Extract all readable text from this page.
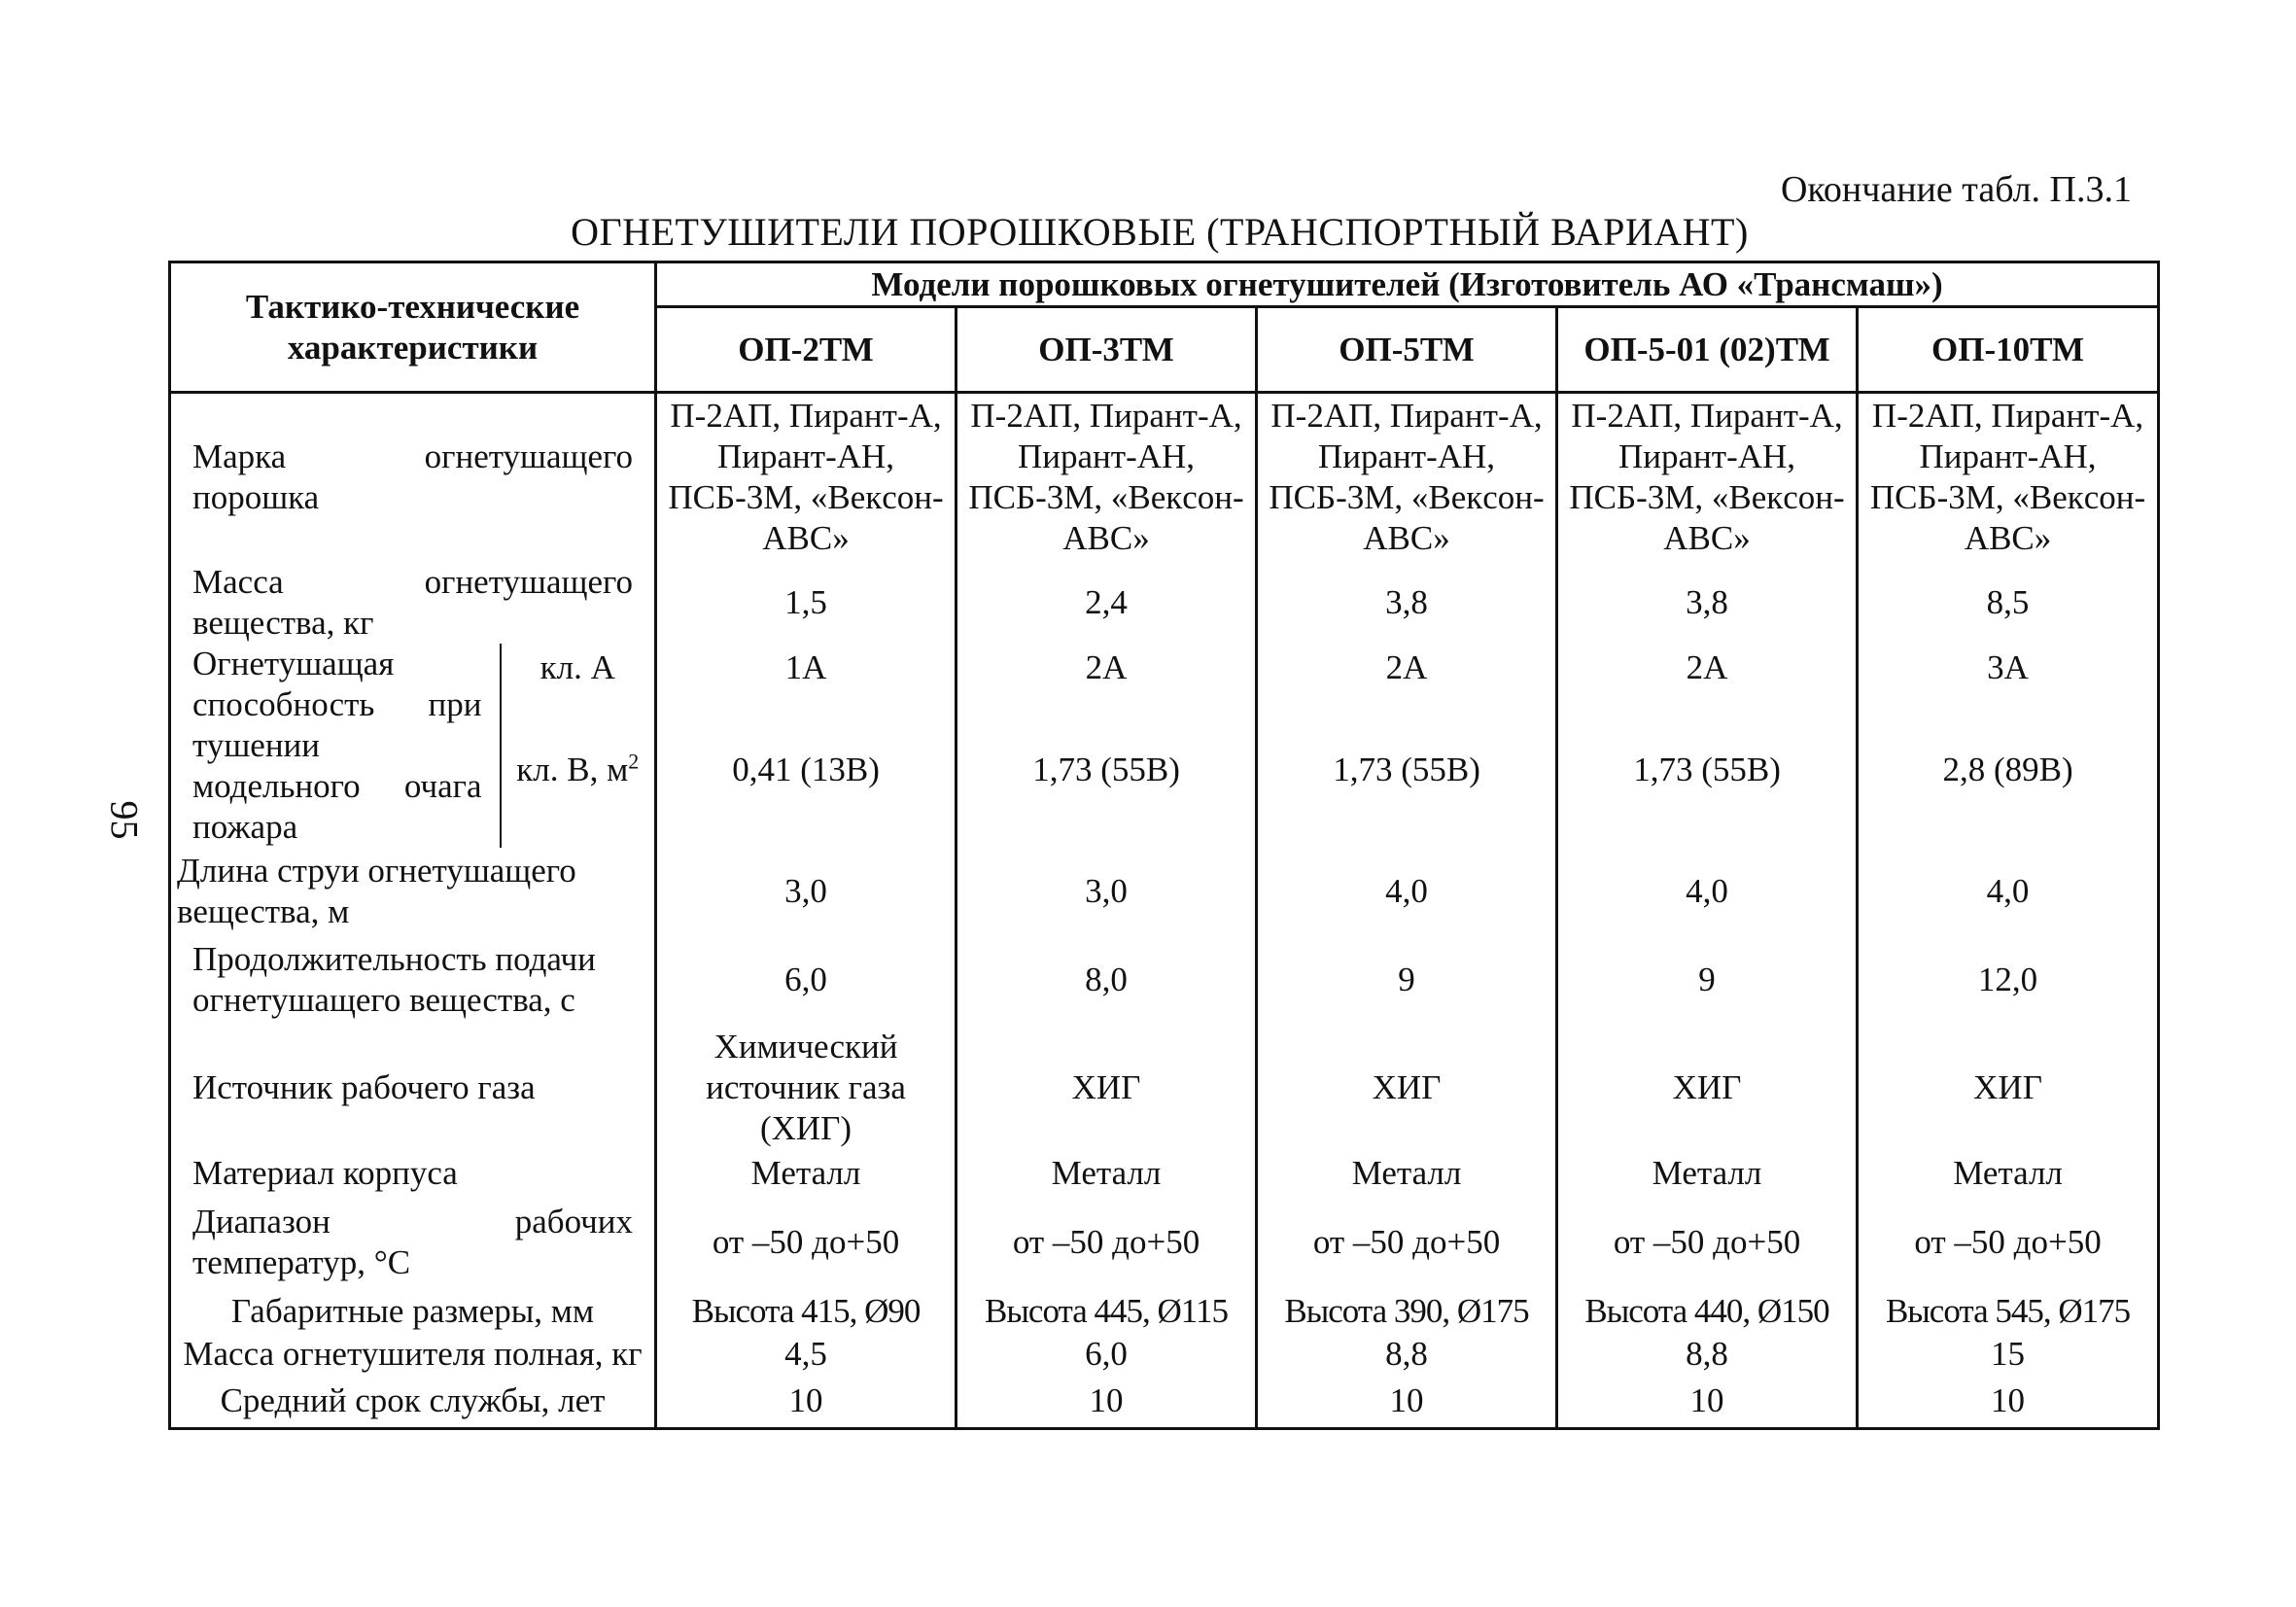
Окончание табл. П.3.1
ОГНЕТУШИТЕЛИ ПОРОШКОВЫЕ (ТРАНСПОРТНЫЙ ВАРИАНТ)
95
Тактико-технические характеристики		Модели порошковых огнетушителей (Изготовитель АО «Трансмаш»)				
		ОП-2ТМ	ОП-3ТМ	ОП-5ТМ	ОП-5-01 (02)ТМ	ОП-10ТМ
Марка огнетушащего порошка		П-2АП, Пирант-А, Пирант-АН, ПСБ-3М, «Векcон-АВС»	П-2АП, Пирант-А, Пирант-АН, ПСБ-3М, «Векcон-АВС»	П-2АП, Пирант-А, Пирант-АН, ПСБ-3М, «Векcон-АВС»	П-2АП, Пирант-А, Пирант-АН, ПСБ-3М, «Векcон-АВС»	П-2АП, Пирант-А, Пирант-АН, ПСБ-3М, «Векcон-АВС»
Масса огнетушащего вещества, кг		1,5	2,4	3,8	3,8	8,5
Огнетушащая способность при тушении модельного очага пожара	кл. А	1А	2А	2А	2А	3А
	кл. В, $м^2$	0,41 (13В)	1,73 (55В)	1,73 (55В)	1,73 (55В)	2,8 (89В)
Длина струи огнетушащего вещества, м		3,0	3,0	4,0	4,0	4,0
Продолжительность подачи огнетушащего вещества, с		6,0	8,0	9	9	12,0
Источник рабочего газа		Химический источник газа (ХИГ)	ХИГ	ХИГ	ХИГ	ХИГ
Материал корпуса		Металл	Металл	Металл	Металл	Металл
Диапазон рабочих температур, °С		от –50 до+50	от –50 до+50	от –50 до+50	от –50 до+50	от –50 до+50
Габаритные размеры, мм		Высота 415, Ø90	Высота 445, Ø115	Высота 390, Ø175	Высота 440, Ø150	Высота 545, Ø175
Масса огнетушителя полная, кг		4,5	6,0	8,8	8,8	15
Средний срок службы, лет		10	10	10	10	10
